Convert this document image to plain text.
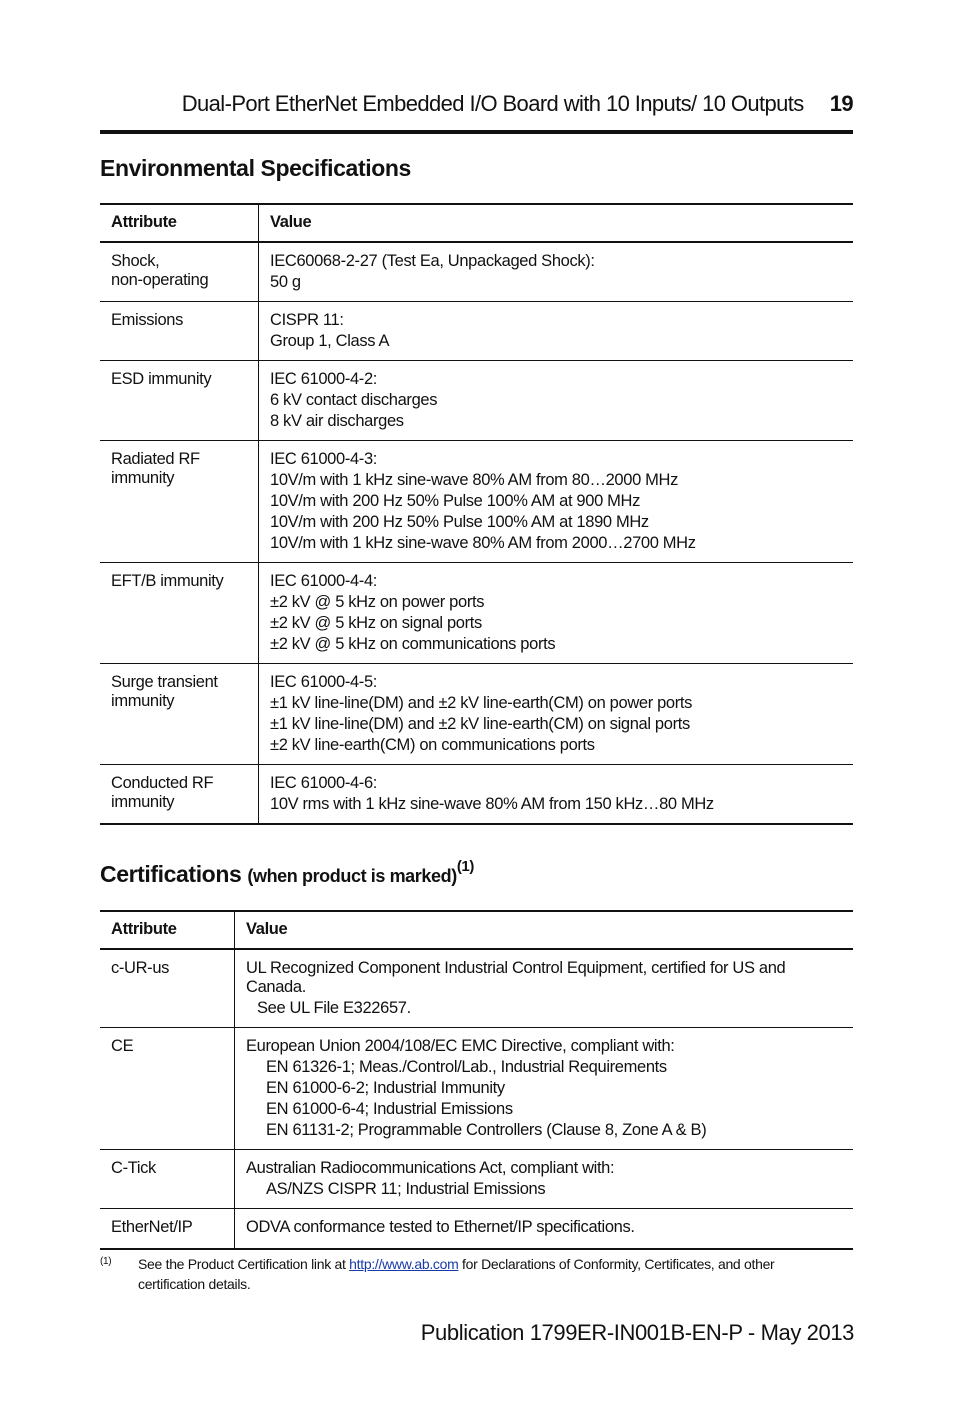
Dual-Port EtherNet Embedded I/O Board with 10 Inputs/ 10 Outputs 19
Environmental Specifications
Attribute	Value

Shock,
non-operating	IEC60068-2-27 (Test Ea, Unpackaged Shock):
50 g

Emissions	CISPR 11:
Group 1, Class A

ESD immunity	IEC 61000-4-2:
6 kV contact discharges
8 kV air discharges

Radiated RF
immunity	IEC 61000-4-3:
10V/m with 1 kHz sine-wave 80% AM from 80…2000 MHz
10V/m with 200 Hz 50% Pulse 100% AM at 900 MHz
10V/m with 200 Hz 50% Pulse 100% AM at 1890 MHz
10V/m with 1 kHz sine-wave 80% AM from 2000…2700 MHz

EFT/B immunity	IEC 61000-4-4:
±2 kV @ 5 kHz on power ports
±2 kV @ 5 kHz on signal ports
±2 kV @ 5 kHz on communications ports

Surge transient
immunity	IEC 61000-4-5:
±1 kV line-line(DM) and ±2 kV line-earth(CM) on power ports
±1 kV line-line(DM) and ±2 kV line-earth(CM) on signal ports
±2 kV line-earth(CM) on communications ports

Conducted RF
immunity	IEC 61000-4-6:
10V rms with 1 kHz sine-wave 80% AM from 150 kHz…80 MHz
Certifications (when product is marked)$^{(1)}$
Attribute	Value
c-UR-us	UL Recognized Component Industrial Control Equipment, certified for US and Canada.
See UL File E322657.

CE	European Union 2004/108/EC EMC Directive, compliant with:
EN 61326-1; Meas./Control/Lab., Industrial Requirements
EN 61000-6-2; Industrial Immunity
EN 61000-6-4; Industrial Emissions
EN 61131-2; Programmable Controllers (Clause 8, Zone A & B)

C-Tick	Australian Radiocommunications Act, compliant with:
AS/NZS CISPR 11; Industrial Emissions

EtherNet/IP	ODVA conformance tested to Ethernet/IP specifications.
(1) See the Product Certification link at http://www.ab.com for Declarations of Conformity, Certificates, and other certification details.
Publication 1799ER-IN001B-EN-P - May 2013
